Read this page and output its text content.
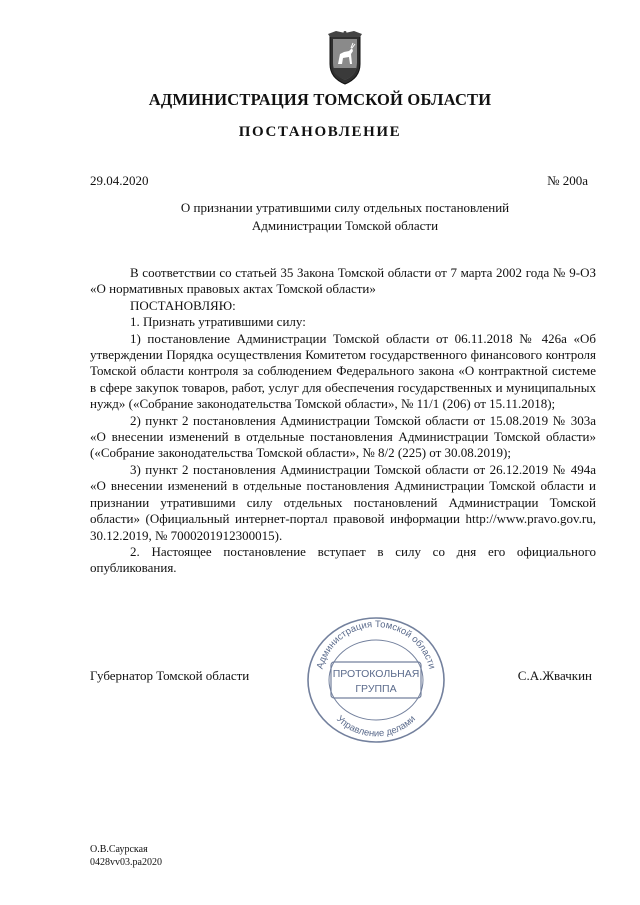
АДМИНИСТРАЦИЯ ТОМСКОЙ ОБЛАСТИ
ПОСТАНОВЛЕНИЕ
29.04.2020	№ 200а
О признании утратившими силу отдельных постановлений
Администрации Томской области

В соответствии со статьей 35 Закона Томской области от 7 марта 2002 года № 9-ОЗ «О нормативных правовых актах Томской области»

ПОСТАНОВЛЯЮ:

1. Признать утратившими силу:

1) постановление Администрации Томской области от 06.11.2018 № 426а «Об утверждении Порядка осуществления Комитетом государственного финансового контроля Томской области контроля за соблюдением Федерального закона «О контрактной системе в сфере закупок товаров, работ, услуг для обеспечения государственных и муниципальных нужд» («Собрание законодательства Томской области», № 11/1 (206) от 15.11.2018);

2) пункт 2 постановления Администрации Томской области от 15.08.2019 № 303а «О внесении изменений в отдельные постановления Администрации Томской области» («Собрание законодательства Томской области», № 8/2 (225) от 30.08.2019);

3) пункт 2 постановления Администрации Томской области от 26.12.2019 № 494а «О внесении изменений в отдельные постановления Администрации Томской области и признании утратившими силу отдельных постановлений Администрации Томской области» (Официальный интернет-портал правовой информации http://www.pravo.gov.ru, 30.12.2019, № 7000201912300015).

2. Настоящее постановление вступает в силу со дня его официального опубликования.

Губернатор Томской области	С.А.Жвачкин
Администрация Томской области
Управление делами
ПРОТОКОЛЬНАЯ
ГРУППА
О.В.Саурская
0428vv03.pa2020
